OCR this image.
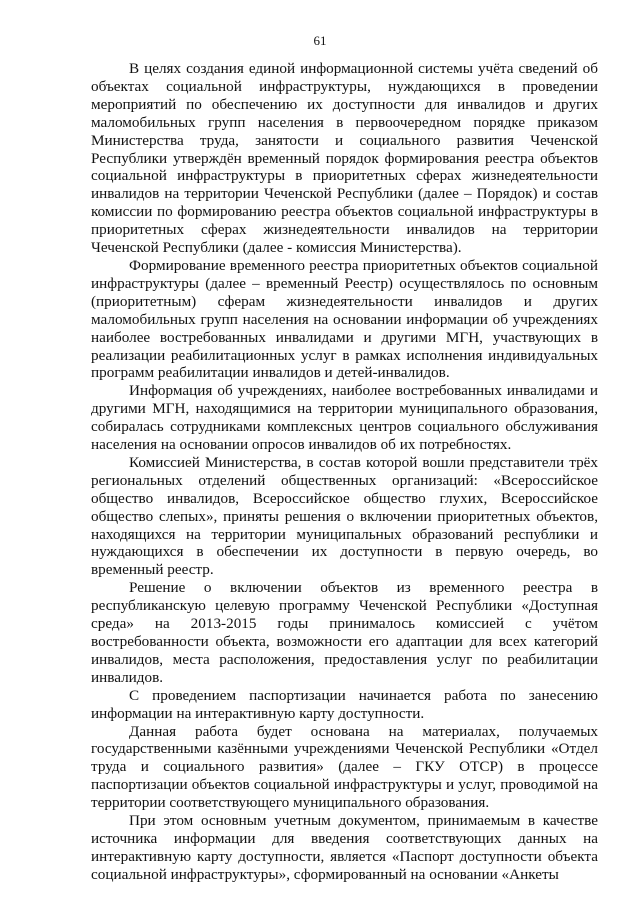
61

В целях создания единой информационной системы учёта сведений об объектах социальной инфраструктуры, нуждающихся в проведении мероприятий по обеспечению их доступности для инвалидов и других маломобильных групп населения в первоочередном порядке приказом Министерства труда, занятости и социального развития Чеченской Республики утверждён временный порядок формирования реестра объектов социальной инфраструктуры в приоритетных сферах жизнедеятельности инвалидов на территории Чеченской Республики (далее – Порядок) и состав комиссии по формированию реестра объектов социальной инфраструктуры в приоритетных сферах жизнедеятельности инвалидов на территории Чеченской Республики (далее - комиссия Министерства).

Формирование временного реестра приоритетных объектов социальной инфраструктуры (далее – временный Реестр) осуществлялось по основным (приоритетным) сферам жизнедеятельности инвалидов и других маломобильных групп населения на основании информации об учреждениях наиболее востребованных инвалидами и другими МГН, участвующих в реализации реабилитационных услуг в рамках исполнения индивидуальных программ реабилитации инвалидов и детей-инвалидов.

Информация об учреждениях, наиболее востребованных инвалидами и другими МГН, находящимися на территории муниципального образования, собиралась сотрудниками комплексных центров социального обслуживания населения на основании опросов инвалидов об их потребностях.

Комиссией Министерства, в состав которой вошли представители трёх региональных отделений общественных организаций: «Всероссийское общество инвалидов, Всероссийское общество глухих, Всероссийское общество слепых», приняты решения о включении приоритетных объектов, находящихся на территории муниципальных образований республики и нуждающихся в обеспечении их доступности в первую очередь, во временный реестр.

Решение о включении объектов из временного реестра в республиканскую целевую программу Чеченской Республики «Доступная среда» на 2013-2015 годы принималось комиссией с учётом востребованности объекта, возможности его адаптации для всех категорий инвалидов, места расположения, предоставления услуг по реабилитации инвалидов.

С проведением паспортизации начинается работа по занесению информации на интерактивную карту доступности.

Данная работа будет основана на материалах, получаемых государственными казёнными учреждениями Чеченской Республики «Отдел труда и социального развития» (далее – ГКУ ОТСР) в процессе паспортизации объектов социальной инфраструктуры и услуг, проводимой на территории соответствующего муниципального образования.

При этом основным учетным документом, принимаемым в качестве источника информации для введения соответствующих данных на интерактивную карту доступности, является «Паспорт доступности объекта социальной инфраструктуры», сформированный на основании «Анкеты
